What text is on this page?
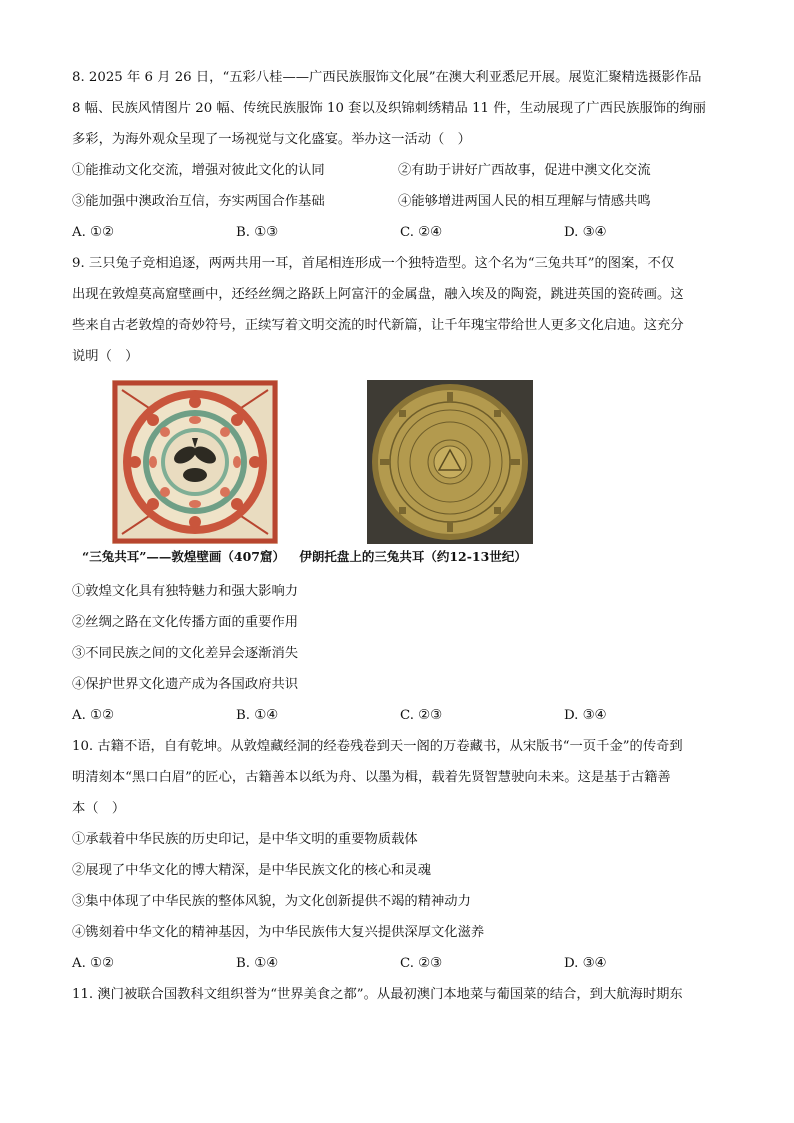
8. 2025 年 6 月 26 日，“五彩八桂——广西民族服饰文化展”在澳大利亚悉尼开展。展览汇聚精选摄影作品
8 幅、民族风情图片 20 幅、传统民族服饰 10 套以及织锦刺绣精品 11 件，生动展现了广西民族服饰的绚丽
多彩，为海外观众呈现了一场视觉与文化盛宴。举办这一活动（　）
①能推动文化交流，增强对彼此文化的认同	②有助于讲好广西故事，促进中澳文化交流
③能加强中澳政治互信，夯实两国合作基础	④能够增进两国人民的相互理解与情感共鸣
A. ①②	B. ①③	C. ②④	D. ③④
9. 三只兔子竞相追逐，两两共用一耳，首尾相连形成一个独特造型。这个名为“三兔共耳”的图案，不仅
出现在敦煌莫高窟壁画中，还经丝绸之路跃上阿富汗的金属盘，融入埃及的陶瓷，跳进英国的瓷砖画。这
些来自古老敦煌的奇妙符号，正续写着文明交流的时代新篇，让千年瑰宝带给世人更多文化启迪。这充分
说明（　）
“三兔共耳”——敦煌壁画（407窟） 伊朗托盘上的三兔共耳（约12-13世纪）
①敦煌文化具有独特魅力和强大影响力
②丝绸之路在文化传播方面的重要作用
③不同民族之间的文化差异会逐渐消失
④保护世界文化遗产成为各国政府共识
A. ①②	B. ①④	C. ②③	D. ③④
10. 古籍不语，自有乾坤。从敦煌藏经洞的经卷残卷到天一阁的万卷藏书，从宋版书“一页千金”的传奇到
明清刻本“黑口白眉”的匠心，古籍善本以纸为舟、以墨为楫，载着先贤智慧驶向未来。这是基于古籍善
本（　）
①承载着中华民族的历史印记，是中华文明的重要物质载体
②展现了中华文化的博大精深，是中华民族文化的核心和灵魂
③集中体现了中华民族的整体风貌，为文化创新提供不竭的精神动力
④镌刻着中华文化的精神基因，为中华民族伟大复兴提供深厚文化滋养
A. ①②	B. ①④	C. ②③	D. ③④
11. 澳门被联合国教科文组织誉为“世界美食之都”。从最初澳门本地菜与葡国菜的结合，到大航海时期东
